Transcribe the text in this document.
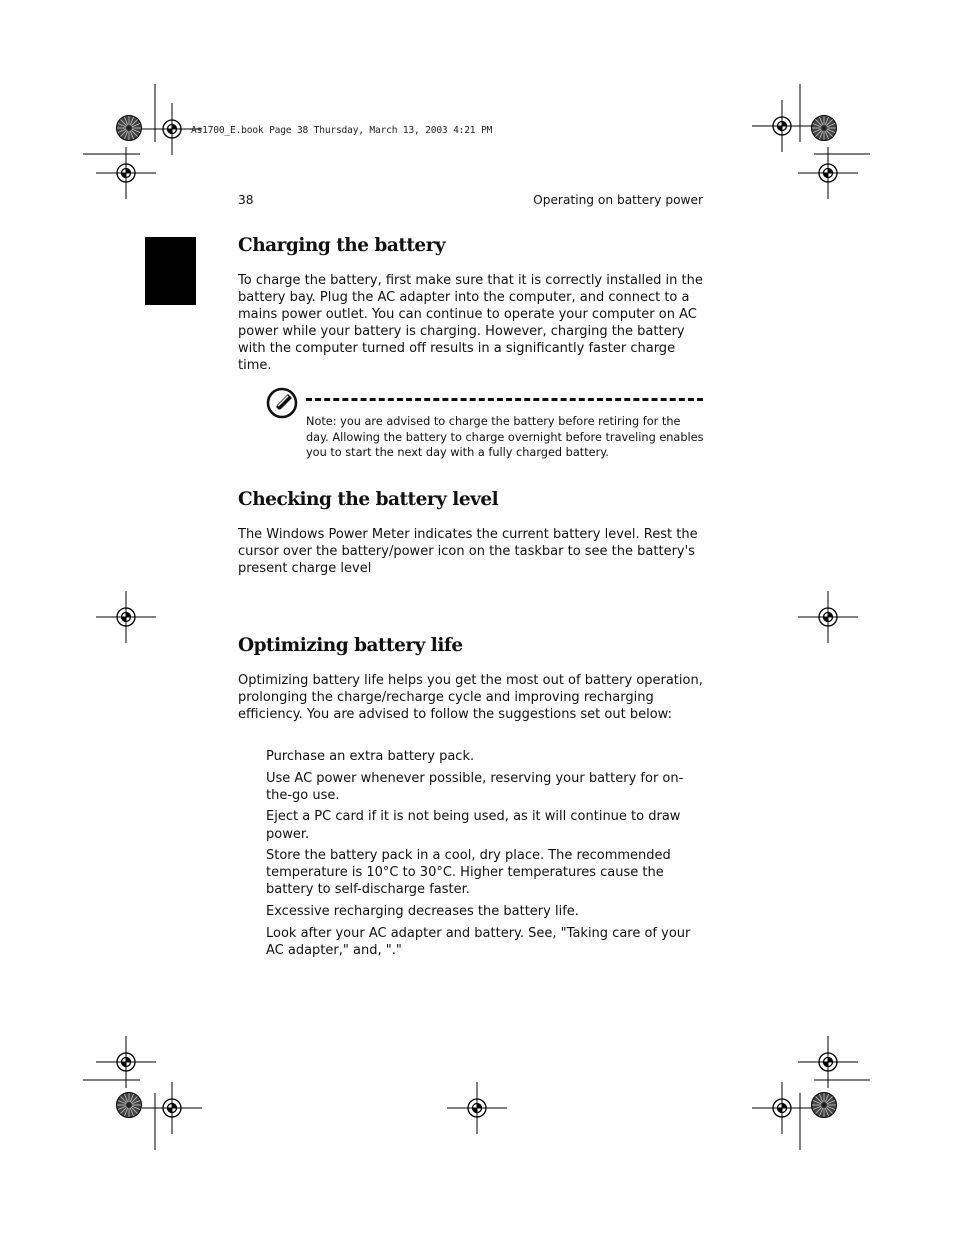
As1700_E.book Page 38 Thursday, March 13, 2003 4:21 PM
38	Operating on battery power
Charging the battery

To charge the battery, first make sure that it is correctly installed in the battery bay. Plug the AC adapter into the computer, and connect to a mains power outlet. You can continue to operate your computer on AC power while your battery is charging. However, charging the battery with the computer turned off results in a significantly faster charge time.

Note: you are advised to charge the battery before retiring for the day. Allowing the battery to charge overnight before traveling enables you to start the next day with a fully charged battery.

Checking the battery level

The Windows Power Meter indicates the current battery level. Rest the cursor over the battery/power icon on the taskbar to see the battery's present charge level

Optimizing battery life

Optimizing battery life helps you get the most out of battery operation, prolonging the charge/recharge cycle and improving recharging efficiency. You are advised to follow the suggestions set out below:

Purchase an extra battery pack.
Use AC power whenever possible, reserving your battery for on-the-go use.
Eject a PC card if it is not being used, as it will continue to draw power.
Store the battery pack in a cool, dry place. The recommended temperature is 10°C to 30°C. Higher temperatures cause the battery to self-discharge faster.
Excessive recharging decreases the battery life.
Look after your AC adapter and battery. See, "Taking care of your AC adapter," and, "."
